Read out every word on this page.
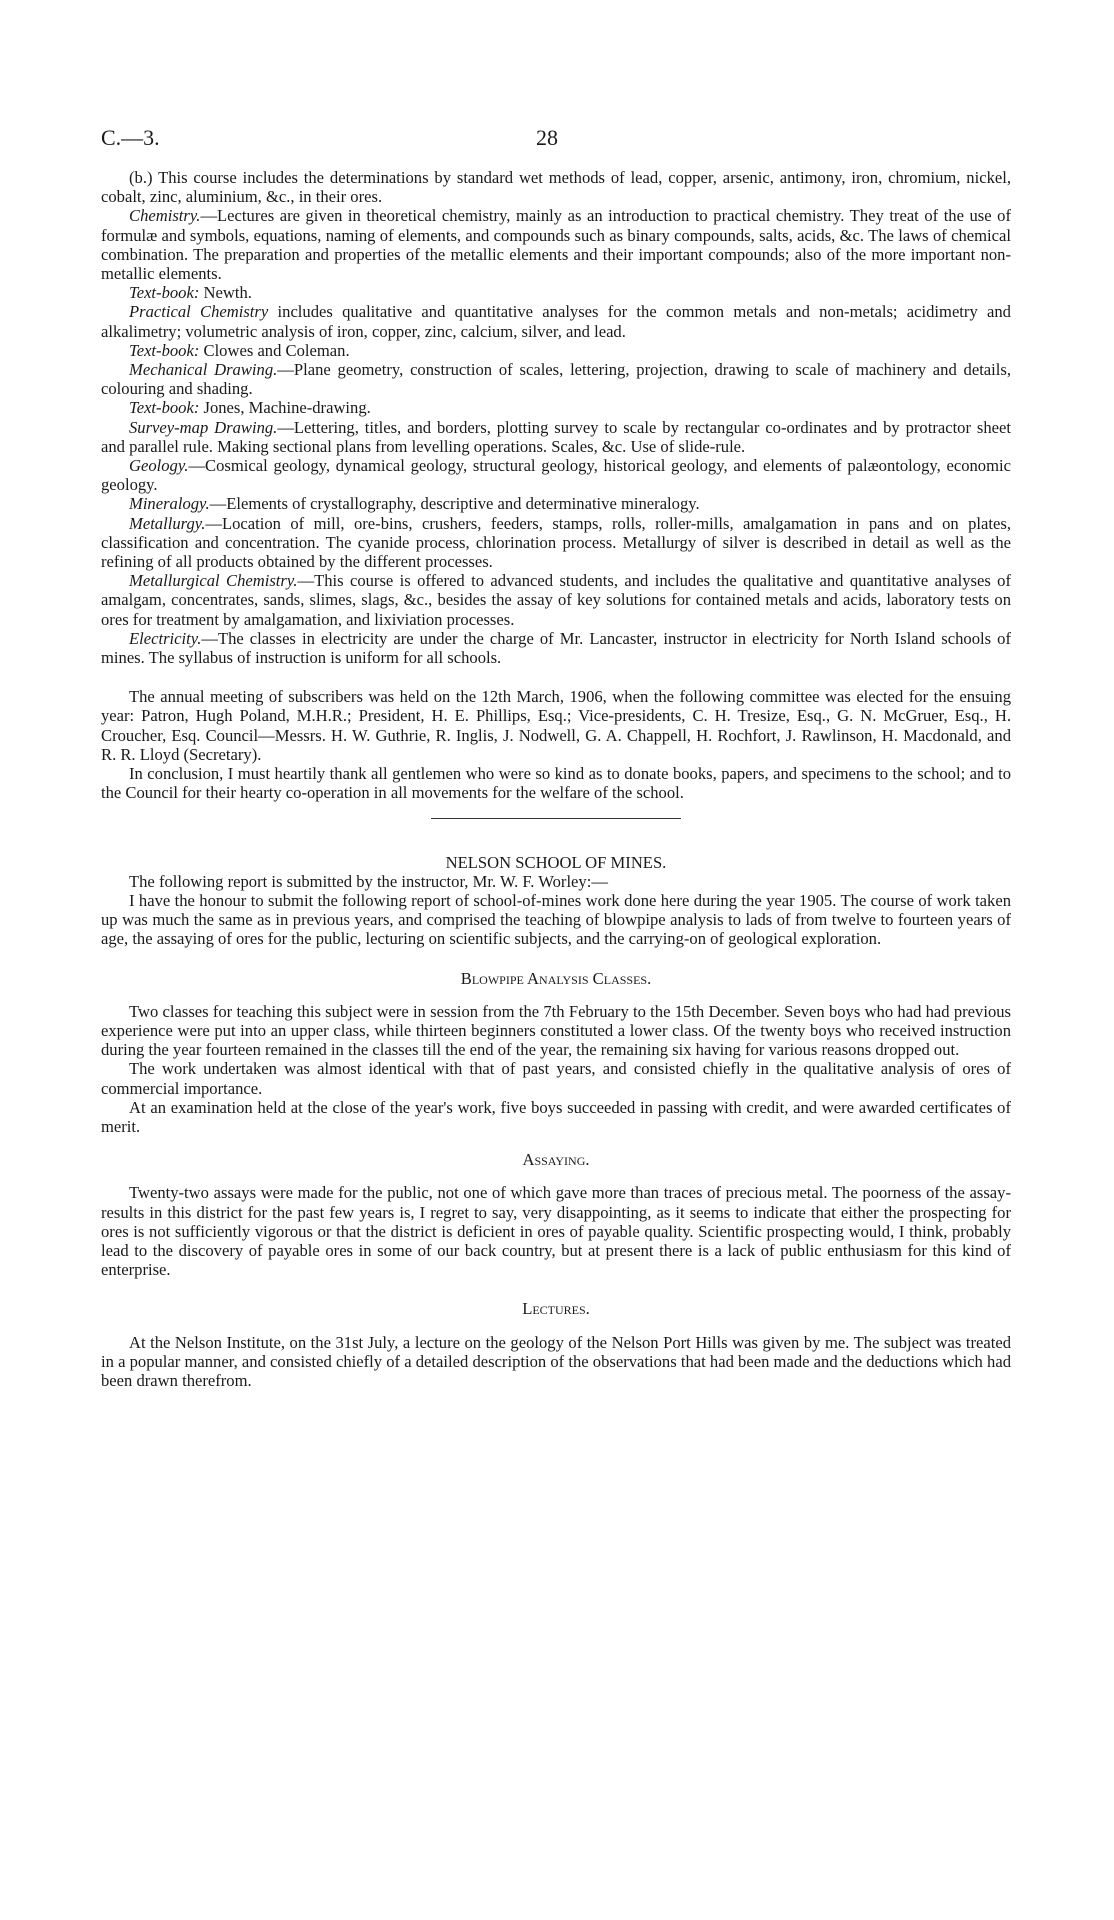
C.—3.	28

(b.) This course includes the determinations by standard wet methods of lead, copper, arsenic, antimony, iron, chromium, nickel, cobalt, zinc, aluminium, &c., in their ores.

Chemistry.—Lectures are given in theoretical chemistry, mainly as an introduction to practical chemistry. They treat of the use of formulæ and symbols, equations, naming of elements, and compounds such as binary compounds, salts, acids, &c. The laws of chemical combination. The preparation and properties of the metallic elements and their important compounds; also of the more important non-metallic elements.

Text-book: Newth.

Practical Chemistry includes qualitative and quantitative analyses for the common metals and non-metals; acidimetry and alkalimetry; volumetric analysis of iron, copper, zinc, calcium, silver, and lead.

Text-book: Clowes and Coleman.

Mechanical Drawing.—Plane geometry, construction of scales, lettering, projection, drawing to scale of machinery and details, colouring and shading.

Text-book: Jones, Machine-drawing.

Survey-map Drawing.—Lettering, titles, and borders, plotting survey to scale by rectangular co-ordinates and by protractor sheet and parallel rule. Making sectional plans from levelling operations. Scales, &c. Use of slide-rule.

Geology.—Cosmical geology, dynamical geology, structural geology, historical geology, and elements of palæontology, economic geology.

Mineralogy.—Elements of crystallography, descriptive and determinative mineralogy.

Metallurgy.—Location of mill, ore-bins, crushers, feeders, stamps, rolls, roller-mills, amalgamation in pans and on plates, classification and concentration. The cyanide process, chlorination process. Metallurgy of silver is described in detail as well as the refining of all products obtained by the different processes.

Metallurgical Chemistry.—This course is offered to advanced students, and includes the qualitative and quantitative analyses of amalgam, concentrates, sands, slimes, slags, &c., besides the assay of key solutions for contained metals and acids, laboratory tests on ores for treatment by amalgamation, and lixiviation processes.

Electricity.—The classes in electricity are under the charge of Mr. Lancaster, instructor in electricity for North Island schools of mines. The syllabus of instruction is uniform for all schools.

The annual meeting of subscribers was held on the 12th March, 1906, when the following committee was elected for the ensuing year: Patron, Hugh Poland, M.H.R.; President, H. E. Phillips, Esq.; Vice-presidents, C. H. Tresize, Esq., G. N. McGruer, Esq., H. Croucher, Esq. Council—Messrs. H. W. Guthrie, R. Inglis, J. Nodwell, G. A. Chappell, H. Rochfort, J. Rawlinson, H. Macdonald, and R. R. Lloyd (Secretary).

In conclusion, I must heartily thank all gentlemen who were so kind as to donate books, papers, and specimens to the school; and to the Council for their hearty co-operation in all movements for the welfare of the school.

NELSON SCHOOL OF MINES.

The following report is submitted by the instructor, Mr. W. F. Worley:—

I have the honour to submit the following report of school-of-mines work done here during the year 1905. The course of work taken up was much the same as in previous years, and comprised the teaching of blowpipe analysis to lads of from twelve to fourteen years of age, the assaying of ores for the public, lecturing on scientific subjects, and the carrying-on of geological exploration.

Blowpipe Analysis Classes.

Two classes for teaching this subject were in session from the 7th February to the 15th December. Seven boys who had had previous experience were put into an upper class, while thirteen beginners constituted a lower class. Of the twenty boys who received instruction during the year fourteen remained in the classes till the end of the year, the remaining six having for various reasons dropped out.

The work undertaken was almost identical with that of past years, and consisted chiefly in the qualitative analysis of ores of commercial importance.

At an examination held at the close of the year's work, five boys succeeded in passing with credit, and were awarded certificates of merit.

Assaying.

Twenty-two assays were made for the public, not one of which gave more than traces of precious metal. The poorness of the assay-results in this district for the past few years is, I regret to say, very disappointing, as it seems to indicate that either the prospecting for ores is not sufficiently vigorous or that the district is deficient in ores of payable quality. Scientific prospecting would, I think, probably lead to the discovery of payable ores in some of our back country, but at present there is a lack of public enthusiasm for this kind of enterprise.

Lectures.

At the Nelson Institute, on the 31st July, a lecture on the geology of the Nelson Port Hills was given by me. The subject was treated in a popular manner, and consisted chiefly of a detailed description of the observations that had been made and the deductions which had been drawn therefrom.
